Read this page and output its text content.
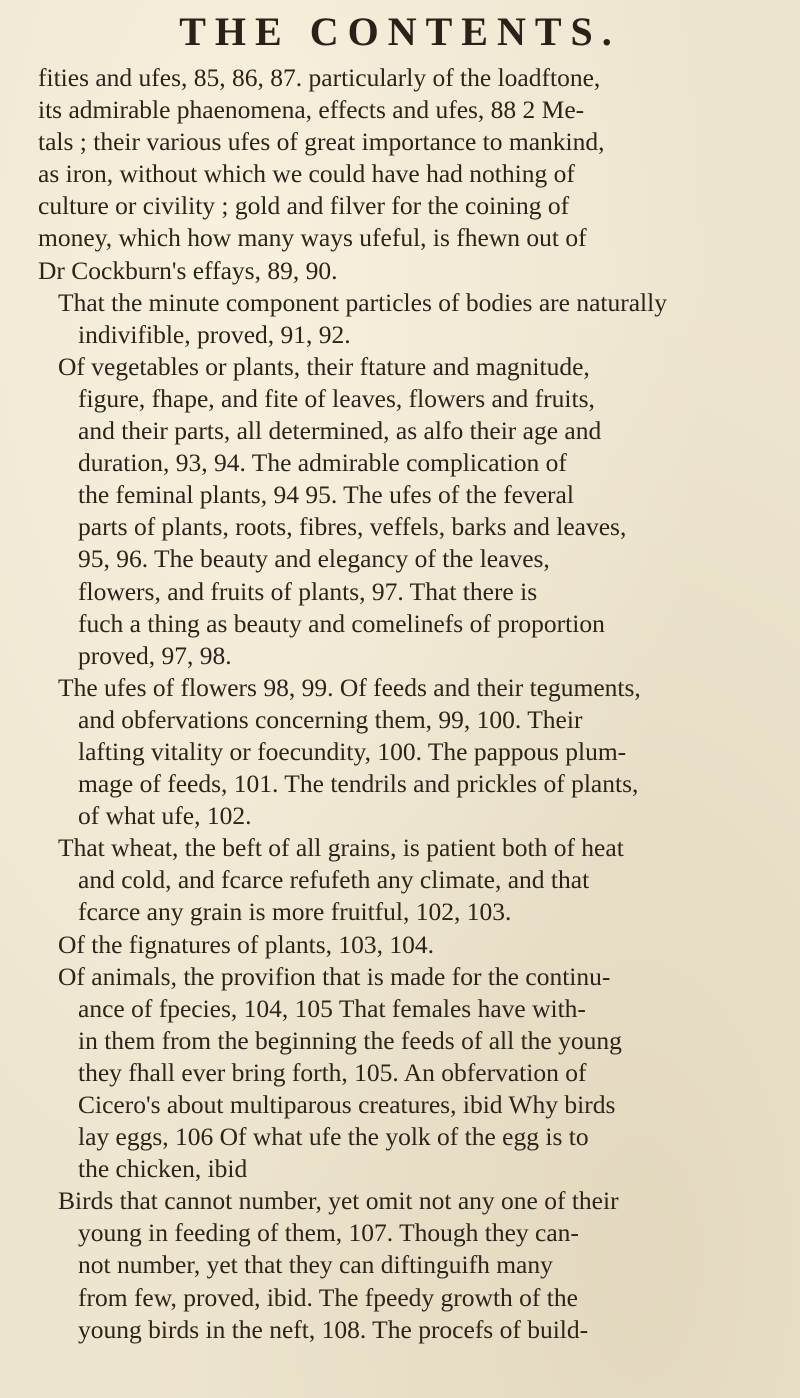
THE CONTENTS.
fities and ufes, 85, 86, 87. particularly of the loadftone,
its admirable phaenomena, effects and ufes, 88 2 Me-
tals ; their various ufes of great importance to mankind,
as iron, without which we could have had nothing of
culture or civility ; gold and filver for the coining of
money, which how many ways ufeful, is fhewn out of
Dr Cockburn's effays, 89, 90.
That the minute component particles of bodies are naturally
indivifible, proved, 91, 92.
Of vegetables or plants, their ftature and magnitude,
figure, fhape, and fite of leaves, flowers and fruits,
and their parts, all determined, as alfo their age and
duration, 93, 94. The admirable complication of
the feminal plants, 94 95. The ufes of the feveral
parts of plants, roots, fibres, veffels, barks and leaves,
95, 96. The beauty and elegancy of the leaves,
flowers, and fruits of plants, 97. That there is
fuch a thing as beauty and comelinefs of proportion
proved, 97, 98.
The ufes of flowers 98, 99. Of feeds and their teguments,
and obfervations concerning them, 99, 100. Their
lafting vitality or foecundity, 100. The pappous plum-
mage of feeds, 101. The tendrils and prickles of plants,
of what ufe, 102.
That wheat, the beft of all grains, is patient both of heat
and cold, and fcarce refufeth any climate, and that
fcarce any grain is more fruitful, 102, 103.
Of the fignatures of plants, 103, 104.
Of animals, the provifion that is made for the continu-
ance of fpecies, 104, 105 That females have with-
in them from the beginning the feeds of all the young
they fhall ever bring forth, 105. An obfervation of
Cicero's about multiparous creatures, ibid Why birds
lay eggs, 106 Of what ufe the yolk of the egg is to
the chicken, ibid
Birds that cannot number, yet omit not any one of their
young in feeding of them, 107. Though they can-
not number, yet that they can diftinguifh many
from few, proved, ibid. The fpeedy growth of the
young birds in the neft, 108. The procefs of build-
